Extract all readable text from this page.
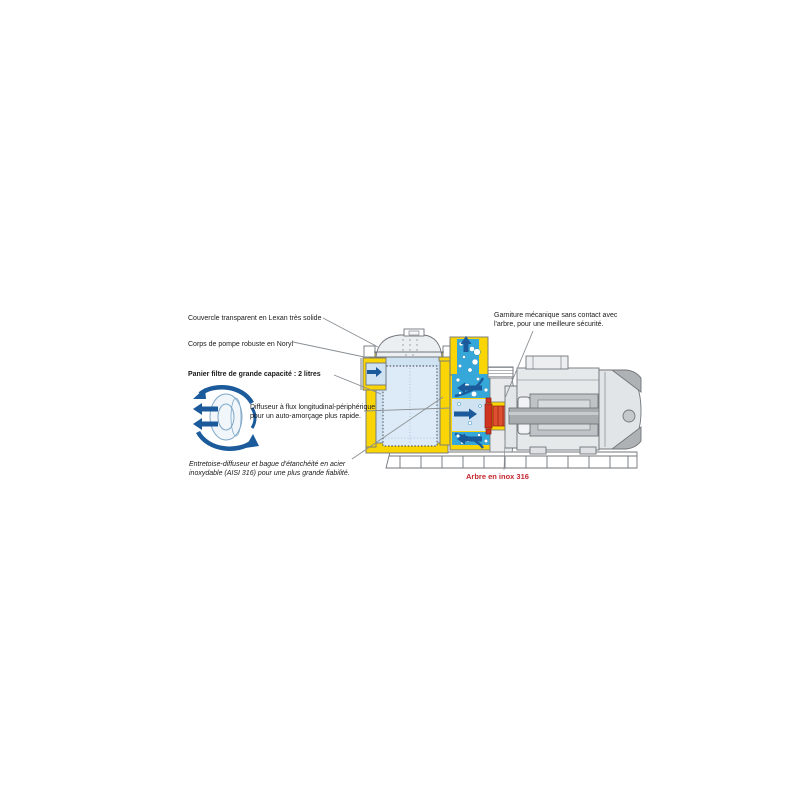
Couvercle transparent en Lexan très solide
Corps de pompe robuste en Noryl
Panier filtre de grande capacité : 2 litres
Diffuseur à flux longitudinal-périphérique
pour un auto-amorçage plus rapide.
Entretoise-diffuseur et bague d'étanchéité en acier
inoxydable (AISI 316) pour une plus grande fiabilité.
Garniture mécanique sans contact avec
l'arbre, pour une meilleure sécurité.
Arbre en inox 316
